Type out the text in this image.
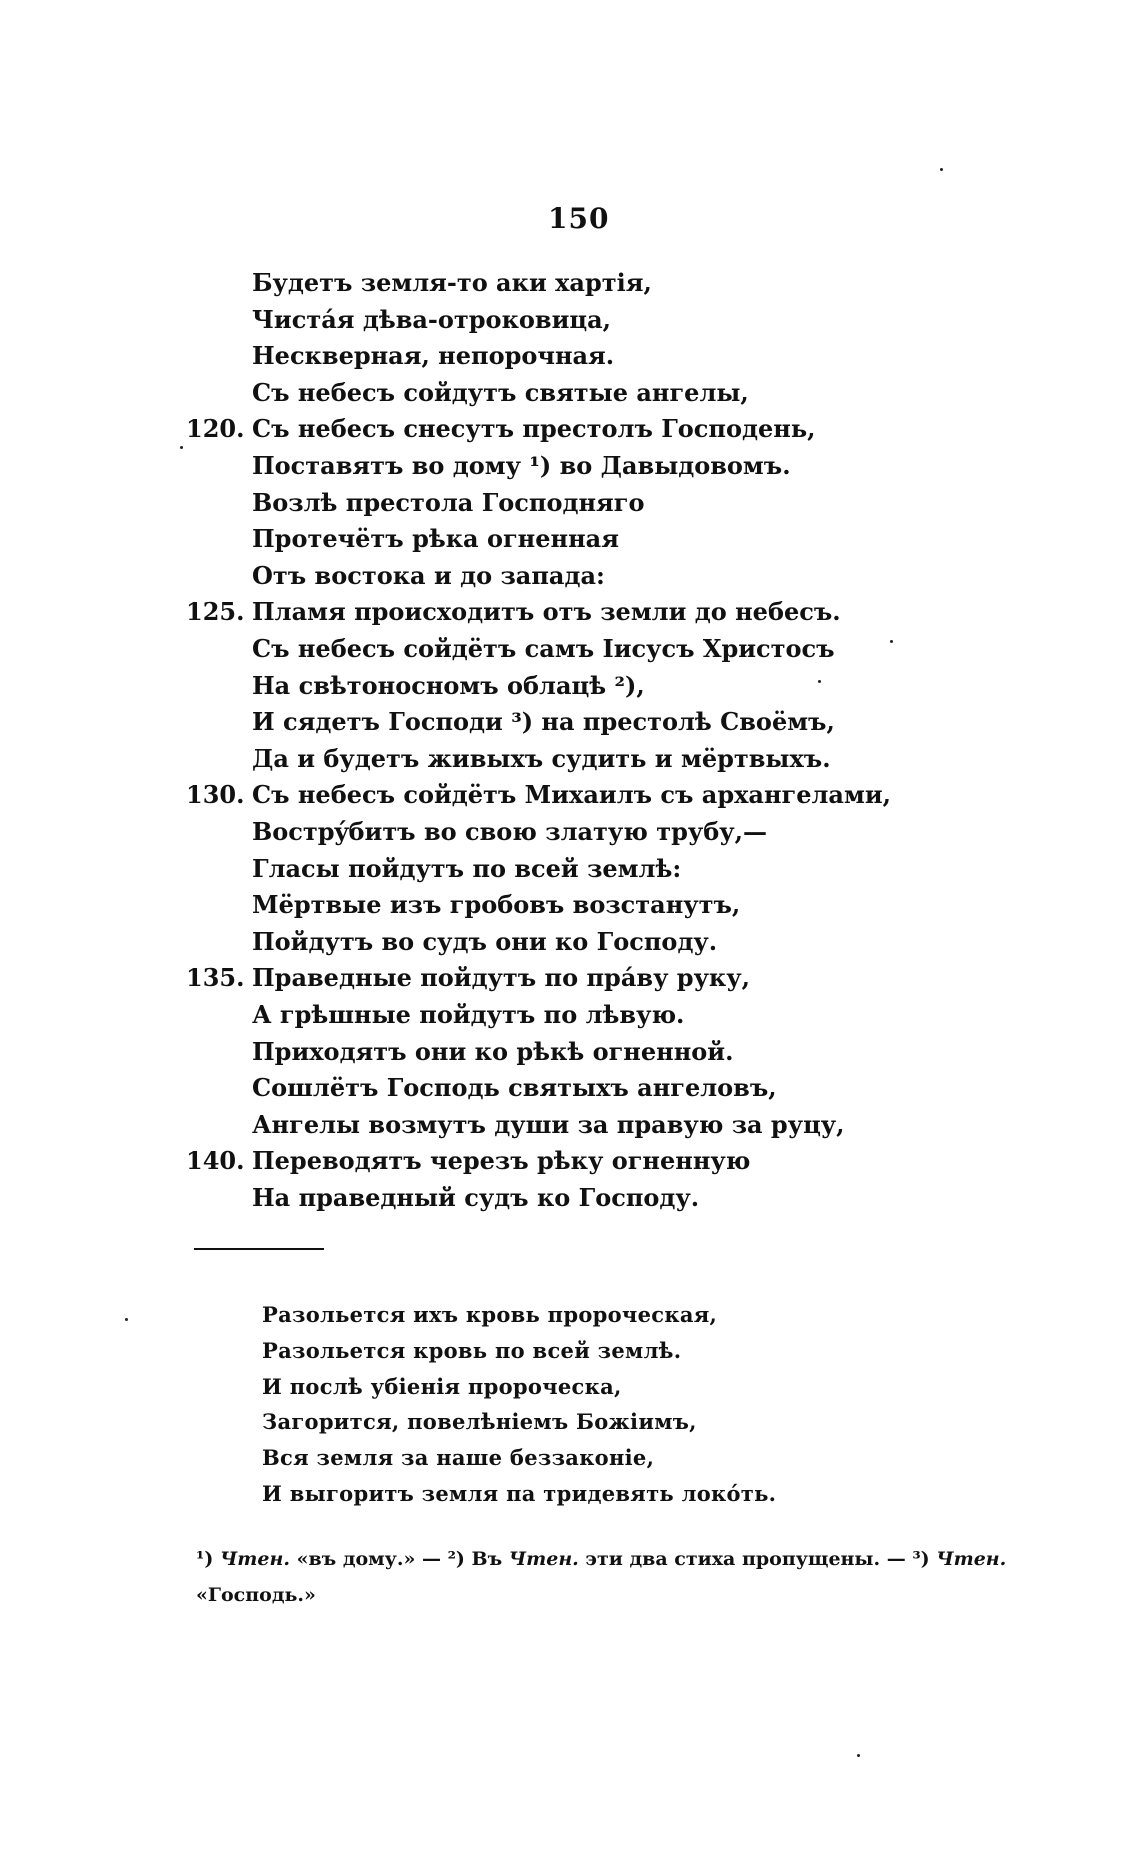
150
Будетъ земля-то аки хартія,
Чистáя дѣва-отроковица,
Нескверная, непорочная.
Съ небесъ сойдутъ святые ангелы,
120. Съ небесъ снесутъ престолъ Господень,
Поставятъ во дому ¹) во Давыдовомъ.
Возлѣ престола Господняго
Протечётъ рѣка огненная
Отъ востока и до запада:
125. Пламя происходитъ отъ земли до небесъ.
Съ небесъ сойдётъ самъ Іисусъ Христосъ
На свѣтоносномъ облацѣ ²),
И сядетъ Господи ³) на престолѣ Своёмъ,
Да и будетъ живыхъ судить и мёртвыхъ.
130. Съ небесъ сойдётъ Михаилъ съ архангелами,
Вострýбитъ во свою златую трубу,—
Гласы пойдутъ по всей землѣ:
Мёртвые изъ гробовъ возстанутъ,
Пойдутъ во судъ они ко Господу.
135. Праведные пойдутъ по прáву руку,
А грѣшные пойдутъ по лѣвую.
Приходятъ они ко рѣкѣ огненной.
Сошлётъ Господь святыхъ ангеловъ,
Ангелы возмутъ души за правую за руцу,
140. Переводятъ черезъ рѣку огненную
На праведный судъ ко Господу.
Разольется ихъ кровь пророческая,
Разольется кровь по всей землѣ.
И послѣ убіенія пророческа,
Загорится, повелѣніемъ Божіимъ,
Вся земля за наше беззаконіе,
И выгоритъ земля па тридевять локóть.
¹) Чтен. «въ дому.» — ²) Въ Чтен. эти два стиха пропущены. — ³) Чтен.
«Господь.»
